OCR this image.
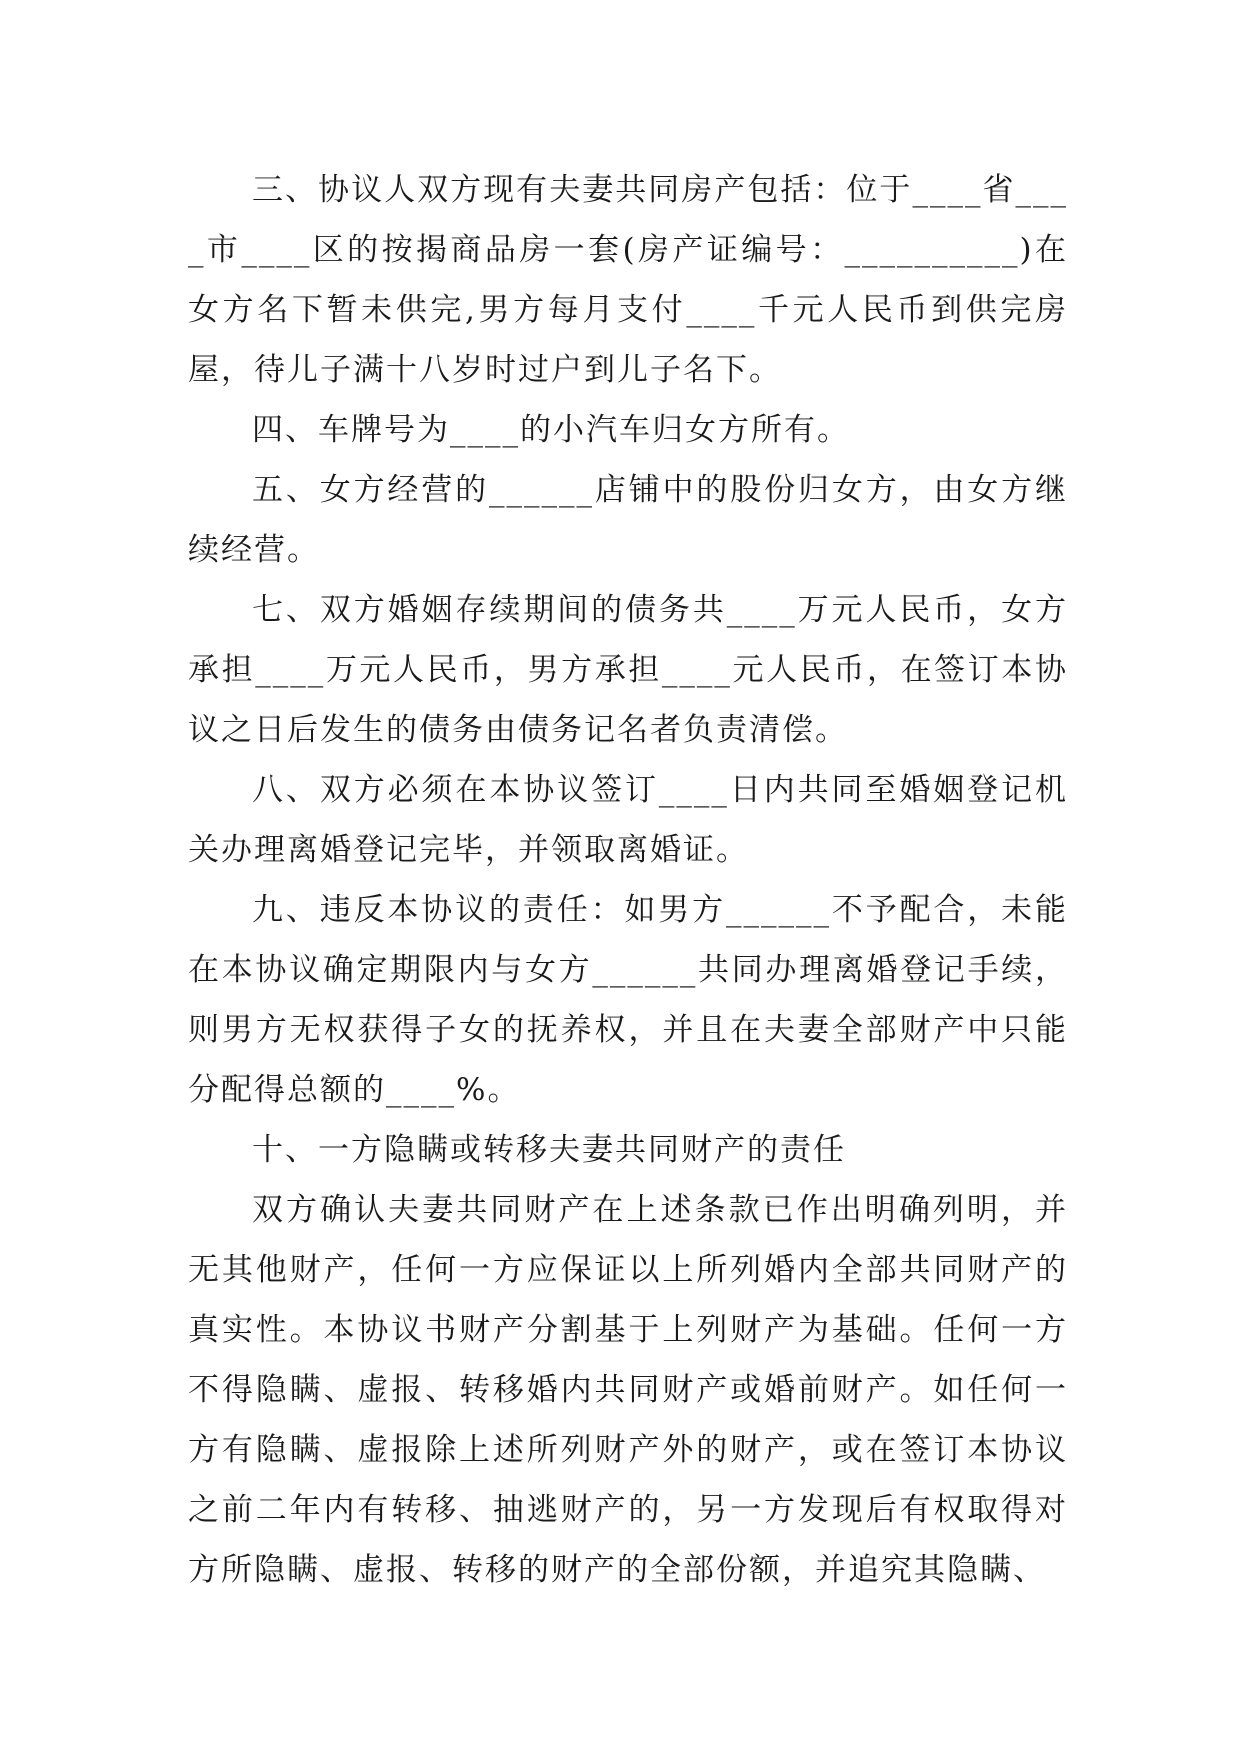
三、协议人双方现有夫妻共同房产包括：位于____省____市____区的按揭商品房一套(房产证编号：__________)在女方名下暂未供完,男方每月支付____千元人民币到供完房屋，待儿子满十八岁时过户到儿子名下。

四、车牌号为____的小汽车归女方所有。

五、女方经营的______店铺中的股份归女方，由女方继续经营。

七、双方婚姻存续期间的债务共____万元人民币，女方承担____万元人民币，男方承担____元人民币，在签订本协议之日后发生的债务由债务记名者负责清偿。

八、双方必须在本协议签订____日内共同至婚姻登记机关办理离婚登记完毕，并领取离婚证。

九、违反本协议的责任：如男方______不予配合，未能在本协议确定期限内与女方______共同办理离婚登记手续，则男方无权获得子女的抚养权，并且在夫妻全部财产中只能分配得总额的____%。

十、一方隐瞒或转移夫妻共同财产的责任

双方确认夫妻共同财产在上述条款已作出明确列明，并无其他财产，任何一方应保证以上所列婚内全部共同财产的真实性。本协议书财产分割基于上列财产为基础。任何一方不得隐瞒、虚报、转移婚内共同财产或婚前财产。如任何一方有隐瞒、虚报除上述所列财产外的财产，或在签订本协议之前二年内有转移、抽逃财产的，另一方发现后有权取得对方所隐瞒、虚报、转移的财产的全部份额，并追究其隐瞒、
